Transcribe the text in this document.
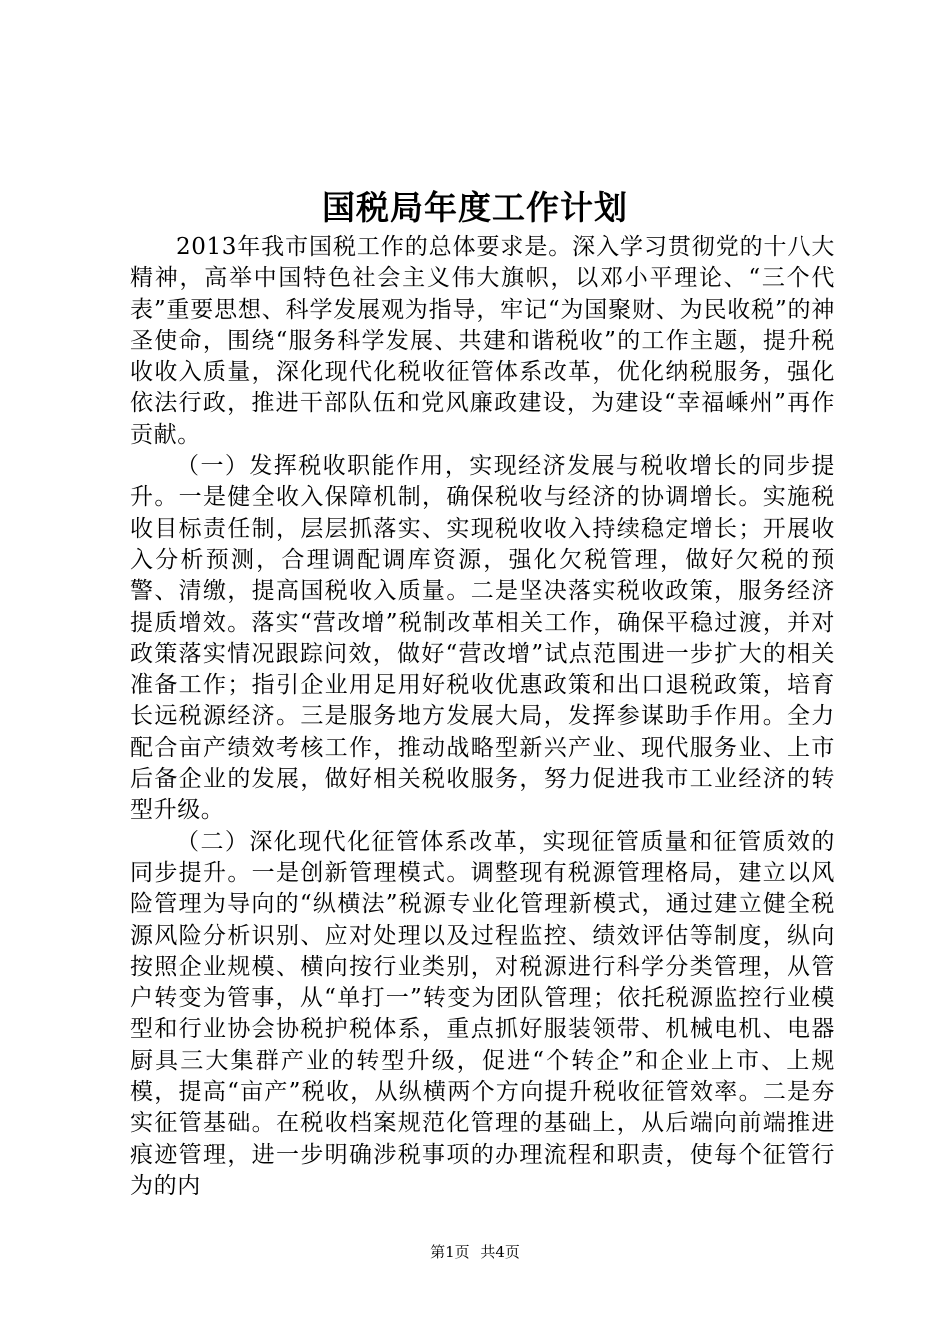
国税局年度工作计划

2013年我市国税工作的总体要求是。深入学习贯彻党的十八大精神，高举中国特色社会主义伟大旗帜，以邓小平理论、“三个代表”重要思想、科学发展观为指导，牢记“为国聚财、为民收税”的神圣使命，围绕“服务科学发展、共建和谐税收”的工作主题，提升税收收入质量，深化现代化税收征管体系改革，优化纳税服务，强化依法行政，推进干部队伍和党风廉政建设，为建设“幸福嵊州”再作贡献。

（一）发挥税收职能作用，实现经济发展与税收增长的同步提升。一是健全收入保障机制，确保税收与经济的协调增长。实施税收目标责任制，层层抓落实、实现税收收入持续稳定增长；开展收入分析预测，合理调配调库资源，强化欠税管理，做好欠税的预警、清缴，提高国税收入质量。二是坚决落实税收政策，服务经济提质增效。落实“营改增”税制改革相关工作，确保平稳过渡，并对政策落实情况跟踪问效，做好“营改增”试点范围进一步扩大的相关准备工作；指引企业用足用好税收优惠政策和出口退税政策，培育长远税源经济。三是服务地方发展大局，发挥参谋助手作用。全力配合亩产绩效考核工作，推动战略型新兴产业、现代服务业、上市后备企业的发展，做好相关税收服务，努力促进我市工业经济的转型升级。

（二）深化现代化征管体系改革，实现征管质量和征管质效的同步提升。一是创新管理模式。调整现有税源管理格局，建立以风险管理为导向的“纵横法”税源专业化管理新模式，通过建立健全税源风险分析识别、应对处理以及过程监控、绩效评估等制度，纵向按照企业规模、横向按行业类别，对税源进行科学分类管理，从管户转变为管事，从“单打一”转变为团队管理；依托税源监控行业模型和行业协会协税护税体系，重点抓好服装领带、机械电机、电器厨具三大集群产业的转型升级，促进“个转企”和企业上市、上规模，提高“亩产”税收，从纵横两个方向提升税收征管效率。二是夯实征管基础。在税收档案规范化管理的基础上，从后端向前端推进痕迹管理，进一步明确涉税事项的办理流程和职责，使每个征管行为的内

第1页 共4页
